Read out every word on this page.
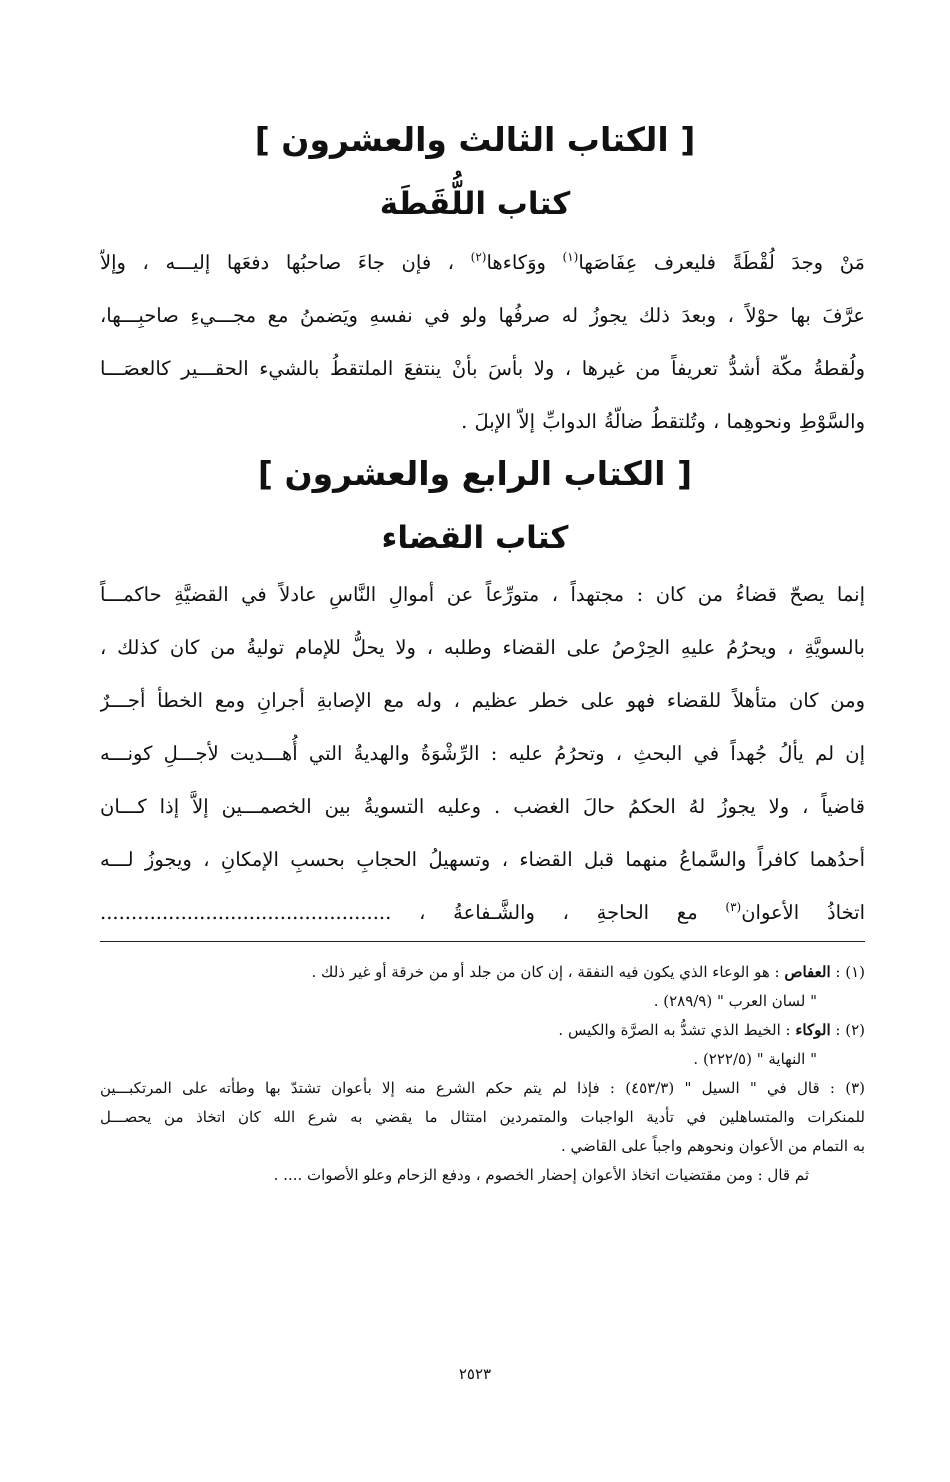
[ الكتاب الثالث والعشرون ]
كتاب اللُّقَطَة
مَنْ وجدَ لُقْطَةً فليعرف عِفَاصَها$^{(١)}$ ووَكاءها$^{(٢)}$ ، فإن جاءَ صاحبُها دفعَها إليـــه ، وإلاّ
عرَّفَ بها حوْلاً ، وبعدَ ذلك يجوزُ له صرفُها ولو في نفسهِ ويَضمنُ مع مجـــيءِ صاحبِـــها،
ولُقطةُ مكّة أشدُّ تعريفاً من غيرها ، ولا بأسَ بأنْ ينتفعَ الملتقطُ بالشيء الحقـــير كالعصَـــا
والسَّوْطِ ونحوهِما ، وتُلتقطُ ضالّةُ الدوابِّ إلاّ الإبلَ .
[ الكتاب الرابع والعشرون ]
كتاب القضاء
إنما يصحّ قضاءُ من كان : مجتهداً ، متورِّعاً عن أموالِ النَّاسِ عادلاً في القضيَّةِ حاكمـــاً
بالسويَّةِ ، ويحرُمُ عليهِ الحِرْصُ على القضاء وطلبه ، ولا يحلُّ للإمام توليةُ من كان كذلك ،
ومن كان متأهلاً للقضاء فهو على خطر عظيم ، وله مع الإصابةِ أجرانِ ومع الخطأ أجـــرٌ
إن لم يألُ جُهداً في البحثِ ، وتحرُمُ عليه : الرِّشْوَةُ والهديةُ التي أُهـــديت لأجـــلِ كونـــه
قاضياً ، ولا يجوزُ لهُ الحكمُ حالَ الغضب . وعليه التسويةُ بين الخصمـــين إلاَّ إذا كـــان
أحدُهما كافراً والسَّماعُ منهما قبل القضاء ، وتسهيلُ الحجابِ بحسبِ الإمكانِ ، ويجوزُ لـــه
اتخاذُ الأعوان$^{(٣)}$ مع الحاجةِ ، والشَّـفاعةُ ، ...............................................
(١) : العفاص : هو الوعاء الذي يكون فيه النفقة ، إن كان من جلد أو من خرقة أو غير ذلك .
" لسان العرب " (٢٨٩/٩) .
(٢) : الوكاء : الخيط الذي تشدُّ به الصرَّة والكيس .
" النهاية " (٢٢٢/٥) .
(٣) : قال في " السيل " (٤٥٣/٣) : فإذا لم يتم حكم الشرع منه إلا بأعوان تشتدّ بها وطأته على المرتكبـــين
للمنكرات والمتساهلين في تأدية الواجبات والمتمردين امتثال ما يقضي به شرع الله كان اتخاذ من يحصـــل
به التمام من الأعوان ونحوهم واجباً على القاضي .
ثم قال : ومن مقتضيات اتخاذ الأعوان إحضار الخصوم ، ودفع الزحام وعلو الأصوات .... .
٢٥٢٣
